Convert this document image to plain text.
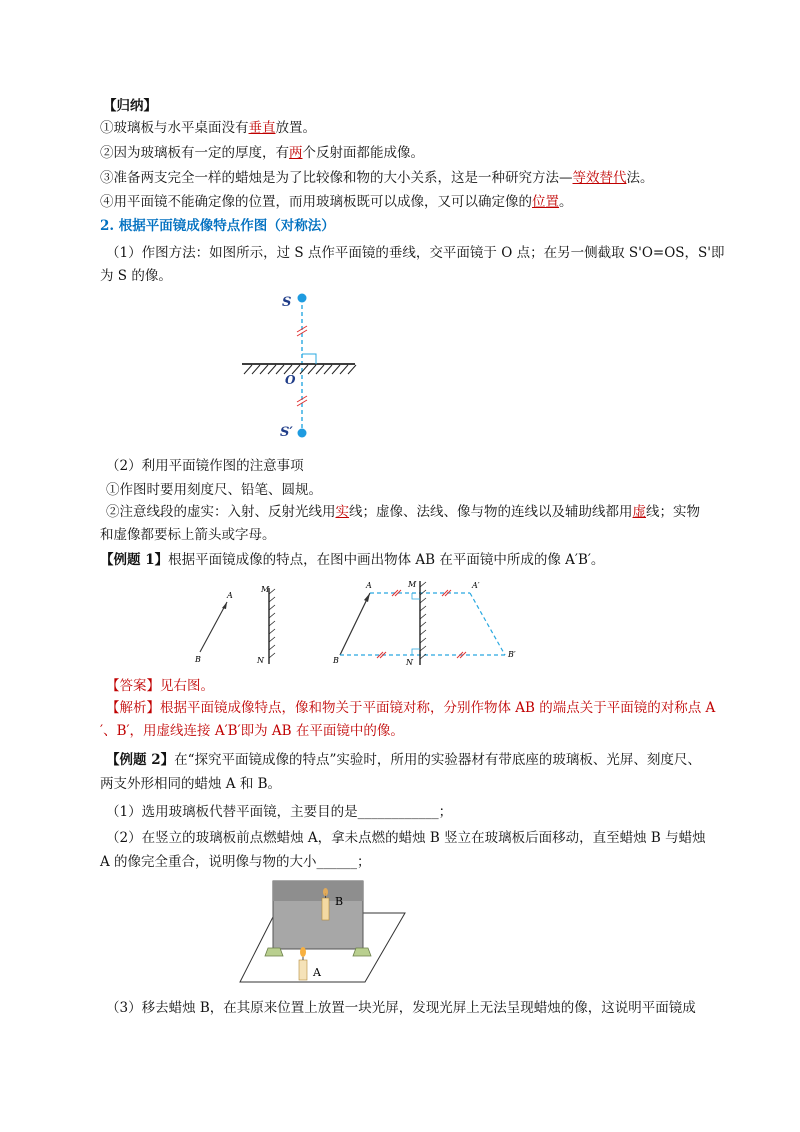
【归纳】
①玻璃板与水平桌面没有垂直放置。
②因为玻璃板有一定的厚度，有两个反射面都能成像。
③准备两支完全一样的蜡烛是为了比较像和物的大小关系，这是一种研究方法—等效替代法。
④用平面镜不能确定像的位置，而用玻璃板既可以成像，又可以确定像的位置。
2. 根据平面镜成像特点作图（对称法）
（1）作图方法：如图所示，过 S 点作平面镜的垂线，交平面镜于 O 点；在另一侧截取 S'O=OS，S'即
为 S 的像。
S
O
S′
（2）利用平面镜作图的注意事项
①作图时要用刻度尺、铅笔、圆规。
②注意线段的虚实：入射、反射光线用实线；虚像、法线、像与物的连线以及辅助线都用虚线；实物
和虚像都要标上箭头或字母。
【例题 1】根据平面镜成像的特点，在图中画出物体 AB 在平面镜中所成的像 A′B′。
A
B
M
N
A
B
M
N
A′
B′
【答案】见右图。
【解析】根据平面镜成像特点，像和物关于平面镜对称，分别作物体 AB 的端点关于平面镜的对称点 A
′、B′，用虚线连接 A′B′即为 AB 在平面镜中的像。
【例题 2】在“探究平面镜成像的特点”实验时，所用的实验器材有带底座的玻璃板、光屏、刻度尺、
两支外形相同的蜡烛 A 和 B。
（1）选用玻璃板代替平面镜，主要目的是____________；
（2）在竖立的玻璃板前点燃蜡烛 A，拿未点燃的蜡烛 B 竖立在玻璃板后面移动，直至蜡烛 B 与蜡烛
A 的像完全重合，说明像与物的大小______；
B
A
（3）移去蜡烛 B，在其原来位置上放置一块光屏，发现光屏上无法呈现蜡烛的像，这说明平面镜成
